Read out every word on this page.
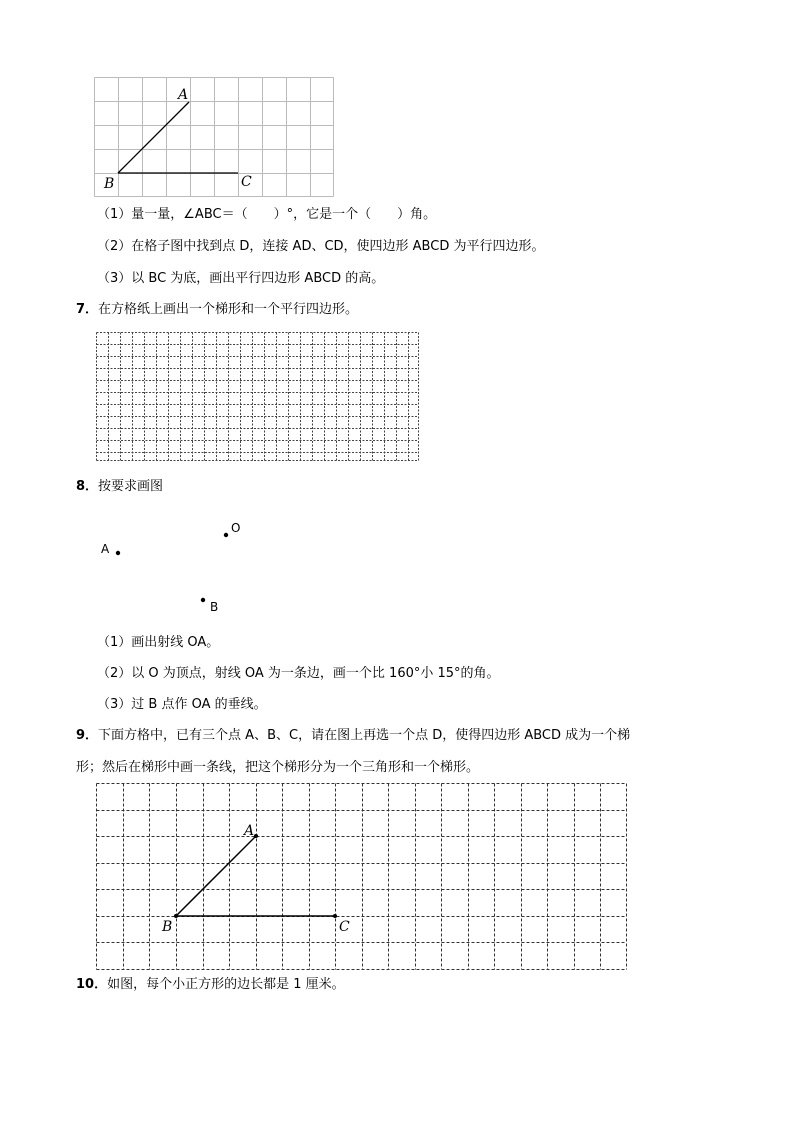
A
B	C
（1）量一量，∠ABC＝（　　）°，它是一个（　　）角。
（2）在格子图中找到点 D，连接 AD、CD，使四边形 ABCD 为平行四边形。
（3）以 BC 为底，画出平行四边形 ABCD 的高。
7．在方格纸上画出一个梯形和一个平行四边形。
8．按要求画图
O
A
B
（1）画出射线 OA。
（2）以 O 为顶点，射线 OA 为一条边，画一个比 160°小 15°的角。
（3）过 B 点作 OA 的垂线。
9．下面方格中，已有三个点 A、B、C，请在图上再选一个点 D，使得四边形 ABCD 成为一个梯
形；然后在梯形中画一条线，把这个梯形分为一个三角形和一个梯形。
A
B	C
10．如图，每个小正方形的边长都是 1 厘米。
